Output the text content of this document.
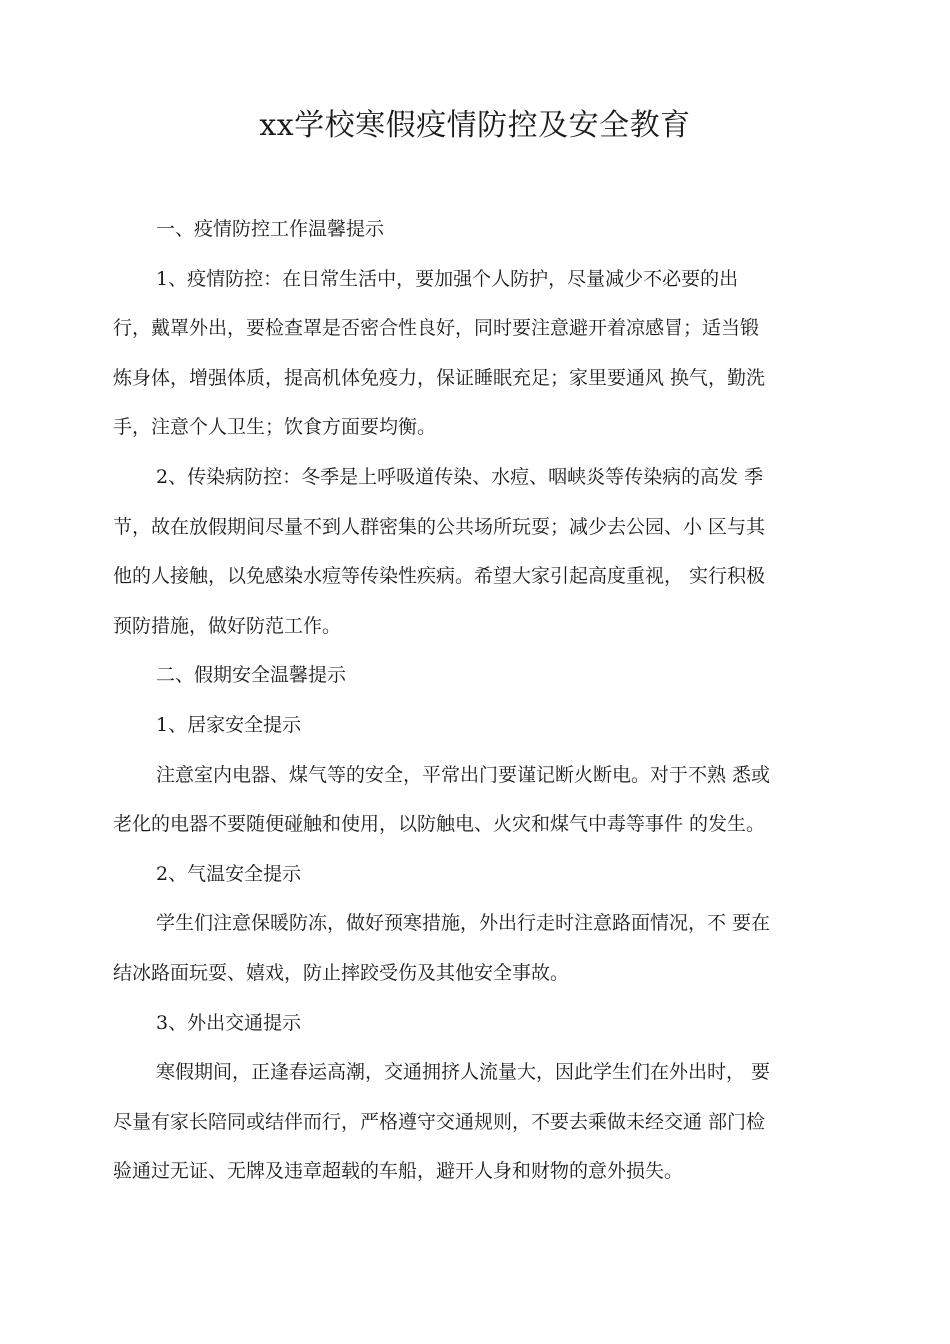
xx学校寒假疫情防控及安全教育

一、疫情防控工作温馨提示

1、疫情防控：在日常生活中，要加强个人防护，尽量减少不必要的出

行，戴罩外出，要检查罩是否密合性良好，同时要注意避开着凉感冒；适当锻

炼身体，增强体质，提高机体免疫力，保证睡眠充足；家里要通风 换气，勤洗

手，注意个人卫生；饮食方面要均衡。

2、传染病防控：冬季是上呼吸道传染、水痘、咽峡炎等传染病的高发 季

节，故在放假期间尽量不到人群密集的公共场所玩耍；减少去公园、小 区与其

他的人接触，以免感染水痘等传染性疾病。希望大家引起高度重视， 实行积极

预防措施，做好防范工作。

二、假期安全温馨提示

1、居家安全提示

注意室内电器、煤气等的安全，平常出门要谨记断火断电。对于不熟 悉或

老化的电器不要随便碰触和使用，以防触电、火灾和煤气中毒等事件 的发生。

2、气温安全提示

学生们注意保暖防冻，做好预寒措施，外出行走时注意路面情况，不 要在

结冰路面玩耍、嬉戏，防止摔跤受伤及其他安全事故。

3、外出交通提示

寒假期间，正逢春运高潮，交通拥挤人流量大，因此学生们在外出时， 要

尽量有家长陪同或结伴而行，严格遵守交通规则，不要去乘做未经交通 部门检

验通过无证、无牌及违章超载的车船，避开人身和财物的意外损失。
